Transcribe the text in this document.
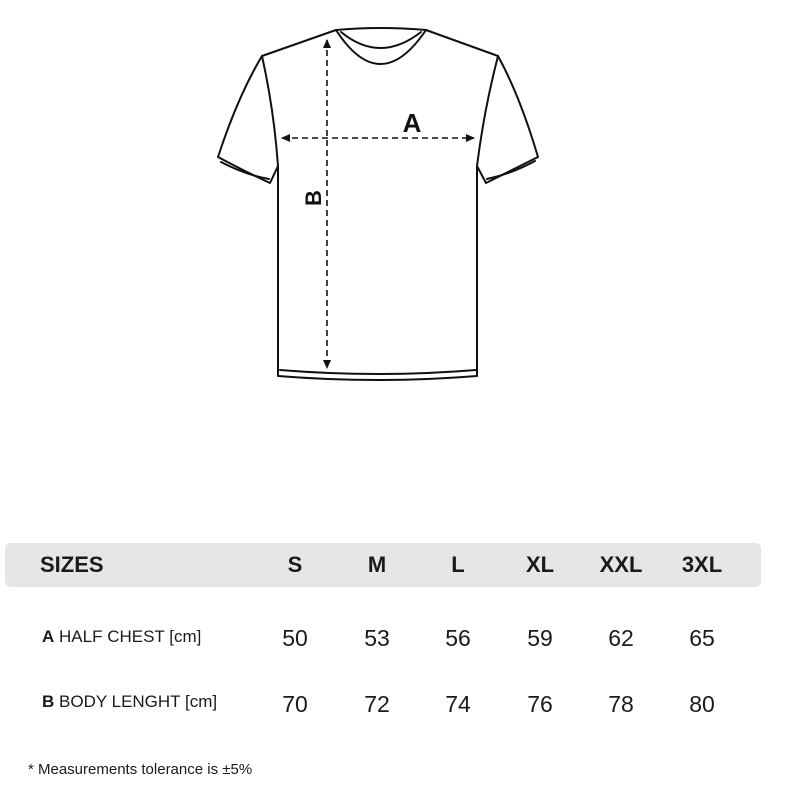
A
B
SIZES	S	M	L	XL	XXL	3XL
A HALF CHEST [cm]	50	53	56	59	62	65
B BODY LENGHT [cm]	70	72	74	76	78	80
* Measurements tolerance is ±5%
